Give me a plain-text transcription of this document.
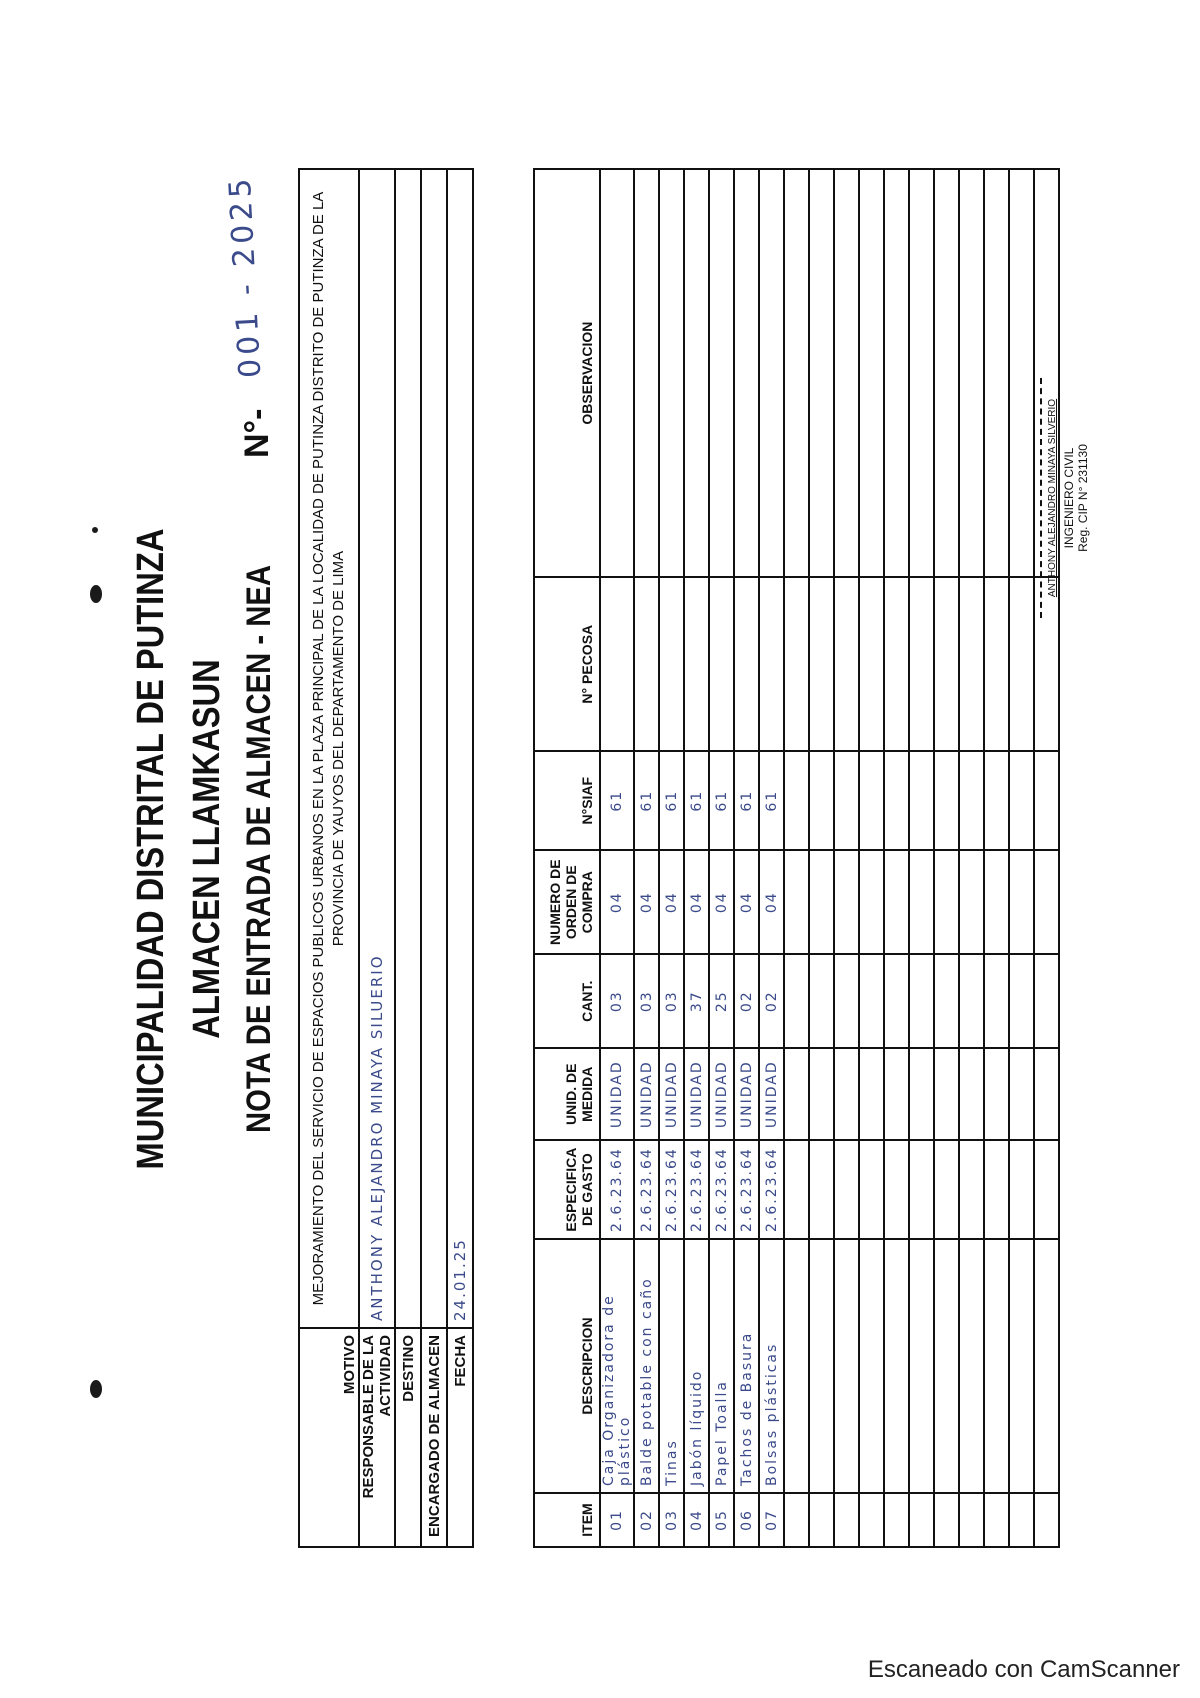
MUNICIPALIDAD DISTRITAL DE PUTINZA ALMACEN LLAMKASUN NOTA DE ENTRADA DE ALMACEN - NEA
N°-
001 - 2025
MOTIVO	MEJORAMIENTO DEL SERVICIO DE ESPACIOS PUBLICOS URBANOS EN LA PLAZA PRINCIPAL DE LA LOCALIDAD DE PUTINZA DISTRITO DE PUTINZA DE LA PROVINCIA DE YAUYOS DEL DEPARTAMENTO DE LIMA
RESPONSABLE DE LA ACTIVIDAD	ANTHONY ALEJANDRO MINAYA SILUERIO
DESTINO	
ENCARGADO DE ALMACEN	
FECHA	24.01.25
ITEM	DESCRIPCION	ESPECIFICA DE GASTO	UNID. DE MEDIDA	CANT.	NUMERO DE ORDEN DE COMPRA	N°SIAF	N° PECOSA	OBSERVACION
01	Caja Organizadora de plástico	2.6.23.64	UNIDAD	03	04	61		
02	Balde potable con caño	2.6.23.64	UNIDAD	03	04	61		
03	Tinas	2.6.23.64	UNIDAD	03	04	61		
04	Jabón líquido	2.6.23.64	UNIDAD	37	04	61		
05	Papel Toalla	2.6.23.64	UNIDAD	25	04	61		
06	Tachos de Basura	2.6.23.64	UNIDAD	02	04	61		
07	Bolsas plásticas	2.6.23.64	UNIDAD	02	04	61		

ANTHONY ALEJANDRO MINAYA SILVERIO INGENIERO CIVIL Reg. CIP N° 231130
Escaneado con CamScanner
